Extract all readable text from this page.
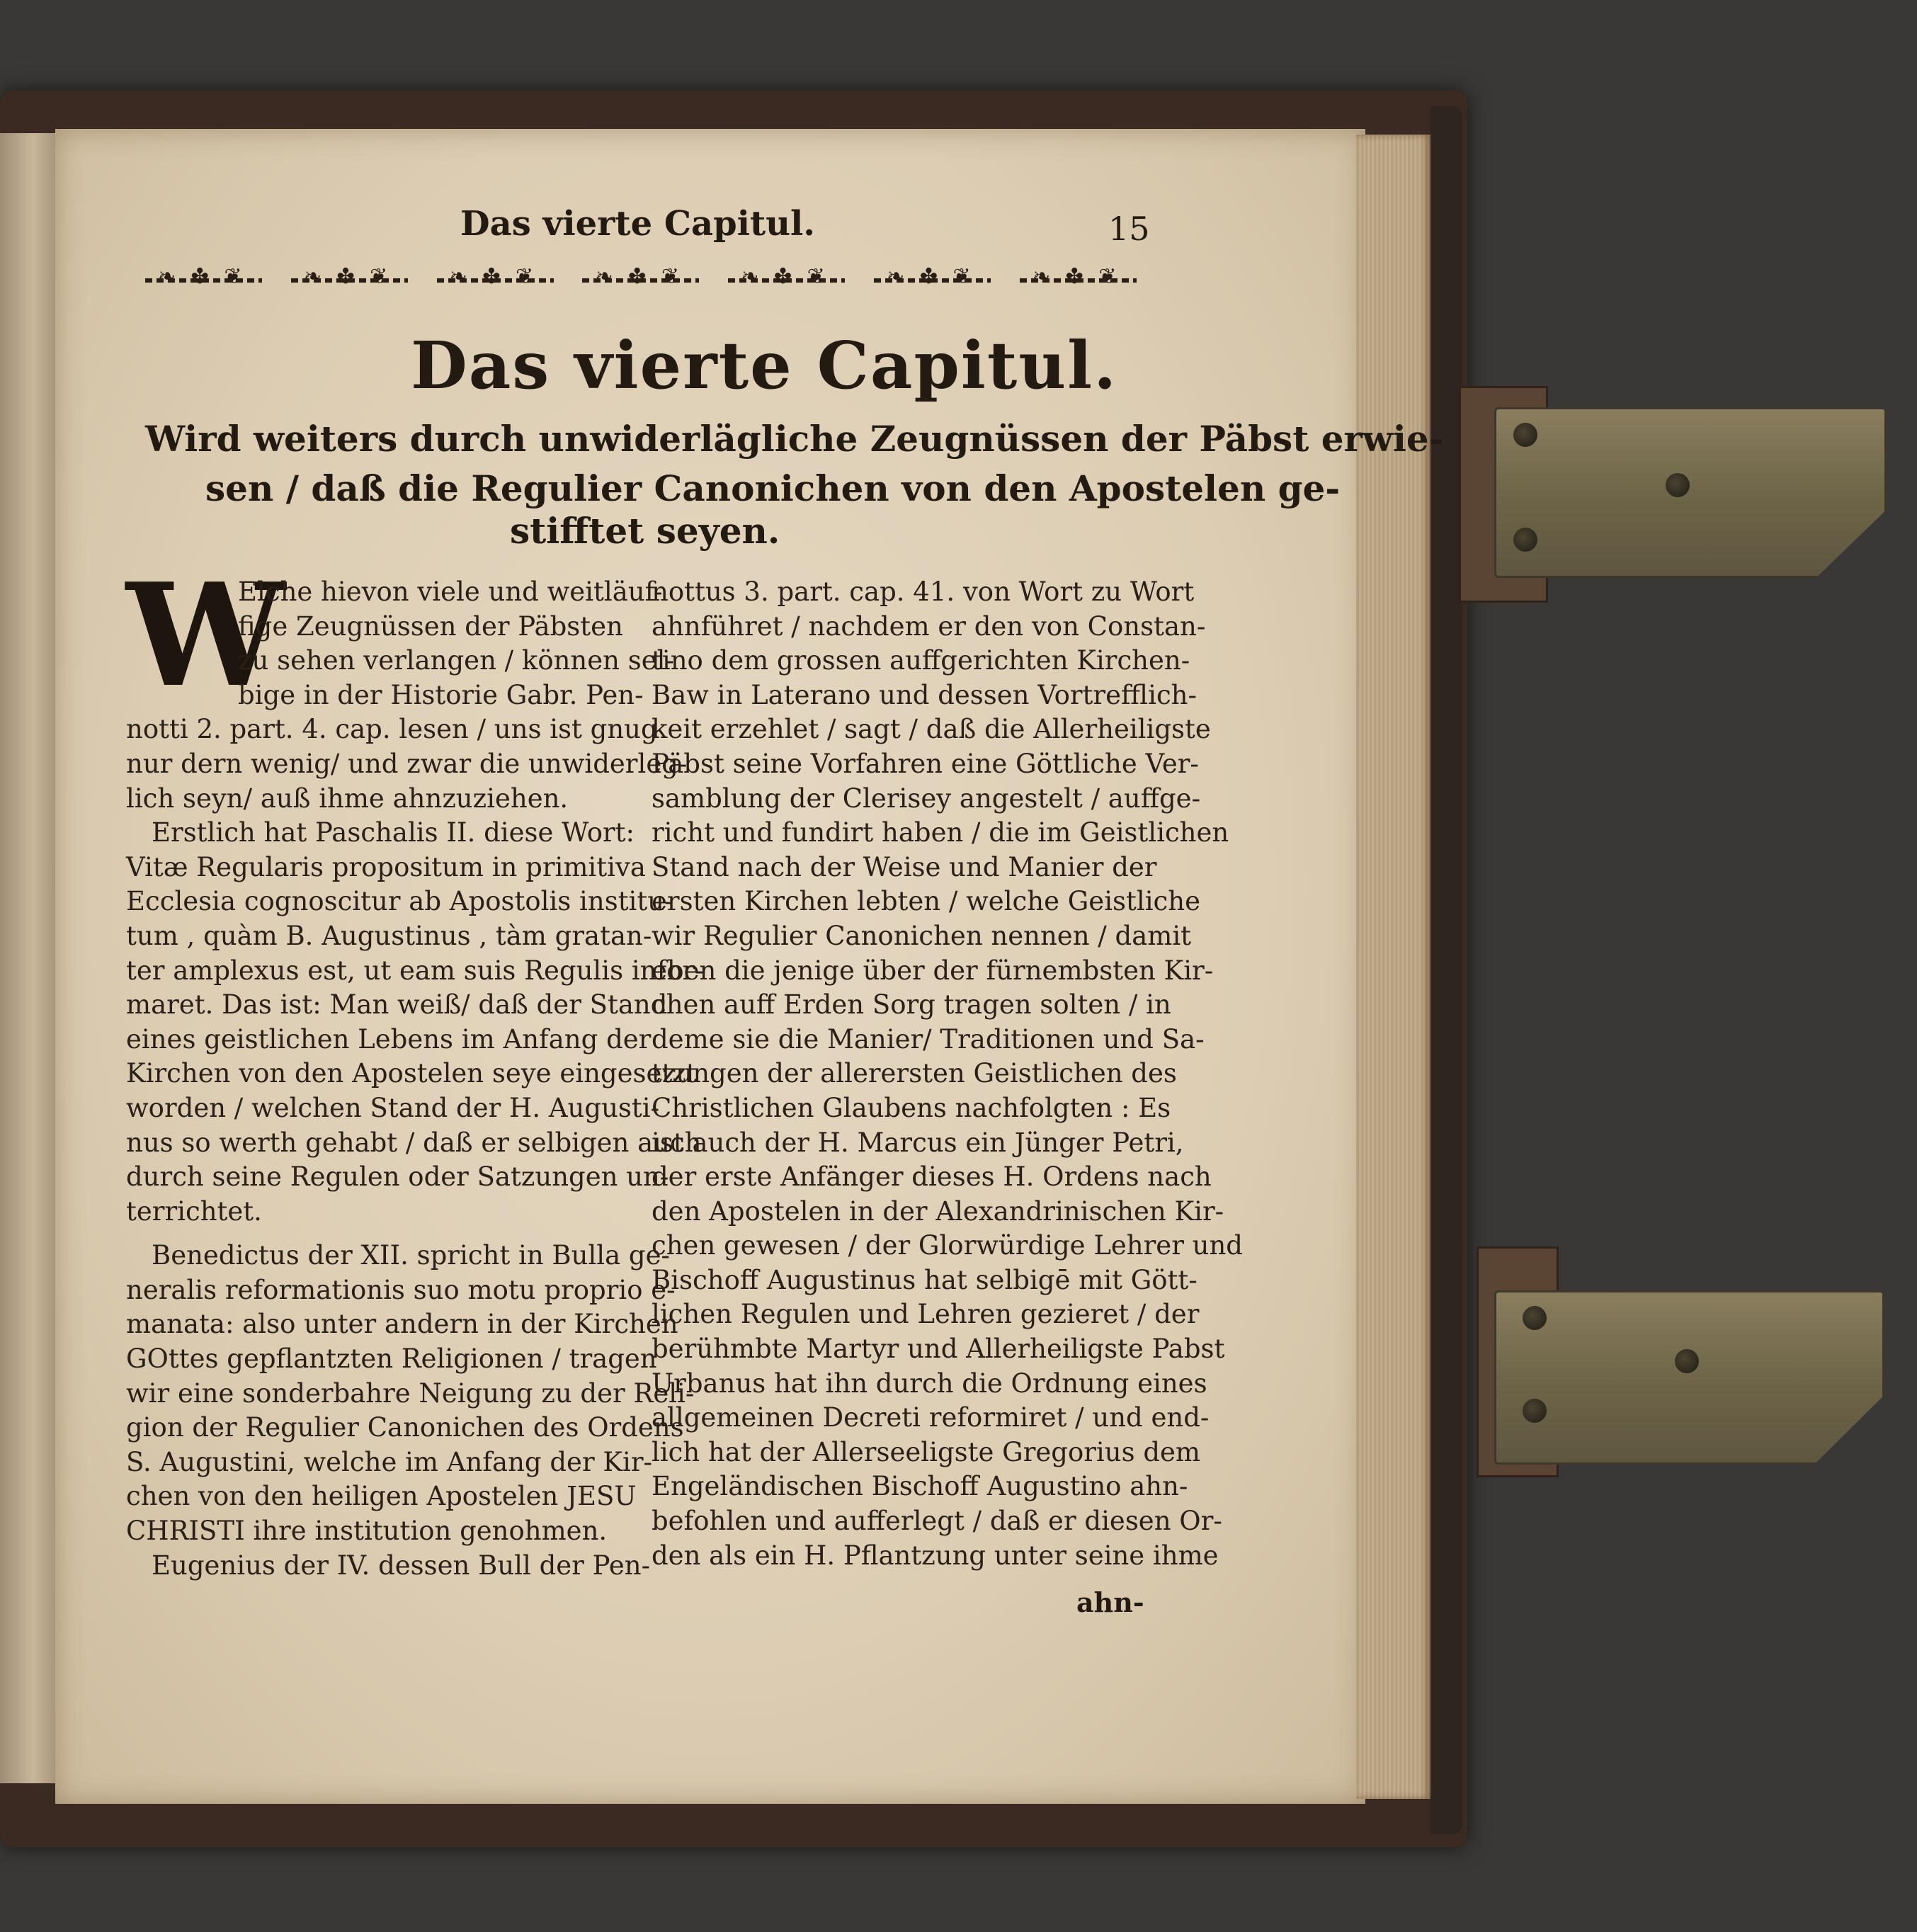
Das vierte Capitul.	15
❧ ✤ ❦
❧ ✤ ❦
❧ ✤ ❦
❧ ✤ ❦
❧ ✤ ❦
❧ ✤ ❦
❧ ✤ ❦
Das vierte Capitul.
Wird weiters durch unwiderlägliche Zeugnüssen der Päbst erwie-
sen / daß die Regulier Canonichen von den Apostelen ge-
stifftet seyen.
W
Elche hievon viele und weitläuf-
fige Zeugnüssen der Päbsten
zu sehen verlangen / können sel-
bige in der Historie Gabr. Pen-
notti 2. part. 4. cap. lesen / uns ist gnug
nur dern wenig/ und zwar die unwiderleg-
lich seyn/ auß ihme ahnzuziehen.
Erstlich hat Paschalis II. diese Wort:
Vitæ Regularis propositum in primitiva
Ecclesia cognoscitur ab Apostolis institu-
tum , quàm B. Augustinus , tàm gratan-
ter amplexus est, ut eam suis Regulis infor-
maret. Das ist: Man weiß/ daß der Stand
eines geistlichen Lebens im Anfang der
Kirchen von den Apostelen seye eingesetzt
worden / welchen Stand der H. Augusti-
nus so werth gehabt / daß er selbigen auch
durch seine Regulen oder Satzungen un-
terrichtet.
Benedictus der XII. spricht in Bulla ge-
neralis reformationis suo motu proprio e-
manata: also unter andern in der Kirchen
GOttes gepflantzten Religionen / tragen
wir eine sonderbahre Neigung zu der Reli-
gion der Regulier Canonichen des Ordens
S. Augustini, welche im Anfang der Kir-
chen von den heiligen Apostelen JESU
CHRISTI ihre institution genohmen.
Eugenius der IV. dessen Bull der Pen-
nottus 3. part. cap. 41. von Wort zu Wort
ahnführet / nachdem er den von Constan-
tino dem grossen auffgerichten Kirchen-
Baw in Laterano und dessen Vortrefflich-
keit erzehlet / sagt / daß die Allerheiligste
Päbst seine Vorfahren eine Göttliche Ver-
samblung der Clerisey angestelt / auffge-
richt und fundirt haben / die im Geistlichen
Stand nach der Weise und Manier der
ersten Kirchen lebten / welche Geistliche
wir Regulier Canonichen nennen / damit
eben die jenige über der fürnembsten Kir-
chen auff Erden Sorg tragen solten / in
deme sie die Manier/ Traditionen und Sa-
tzungen der allerersten Geistlichen des
Christlichen Glaubens nachfolgten : Es
ist auch der H. Marcus ein Jünger Petri,
der erste Anfänger dieses H. Ordens nach
den Apostelen in der Alexandrinischen Kir-
chen gewesen / der Glorwürdige Lehrer und
Bischoff Augustinus hat selbigē mit Gött-
lichen Regulen und Lehren gezieret / der
berühmbte Martyr und Allerheiligste Pabst
Urbanus hat ihn durch die Ordnung eines
allgemeinen Decreti reformiret / und end-
lich hat der Allerseeligste Gregorius dem
Engeländischen Bischoff Augustino ahn-
befohlen und aufferlegt / daß er diesen Or-
den als ein H. Pflantzung unter seine ihme
ahn-
